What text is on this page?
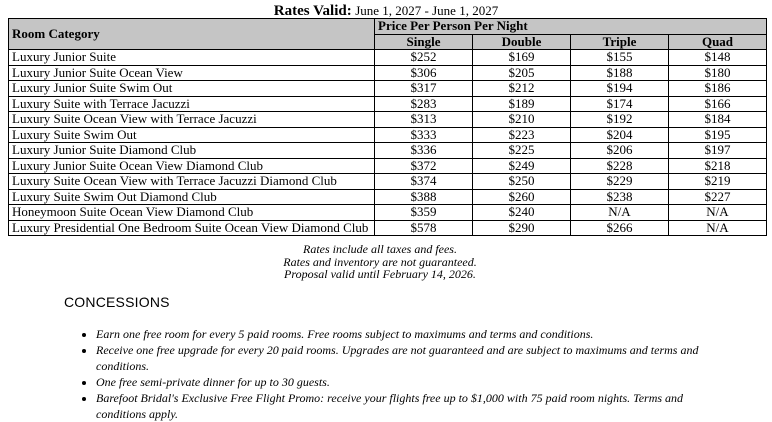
Rates Valid: June 1, 2027 - June 1, 2027
Room Category	Price Per Person Per Night			
	Single	Double	Triple	Quad
Luxury Junior Suite	$252	$169	$155	$148
Luxury Junior Suite Ocean View	$306	$205	$188	$180
Luxury Junior Suite Swim Out	$317	$212	$194	$186
Luxury Suite with Terrace Jacuzzi	$283	$189	$174	$166
Luxury Suite Ocean View with Terrace Jacuzzi	$313	$210	$192	$184
Luxury Suite Swim Out	$333	$223	$204	$195
Luxury Junior Suite Diamond Club	$336	$225	$206	$197
Luxury Junior Suite Ocean View Diamond Club	$372	$249	$228	$218
Luxury Suite Ocean View with Terrace Jacuzzi Diamond Club	$374	$250	$229	$219
Luxury Suite Swim Out Diamond Club	$388	$260	$238	$227
Honeymoon Suite Ocean View Diamond Club	$359	$240	N/A	N/A
Luxury Presidential One Bedroom Suite Ocean View Diamond Club	$578	$290	$266	N/A
Rates include all taxes and fees.
Rates and inventory are not guaranteed.
Proposal valid until February 14, 2026.
CONCESSIONS
• Earn one free room for every 5 paid rooms. Free rooms subject to maximums and terms and conditions.
• Receive one free upgrade for every 20 paid rooms. Upgrades are not guaranteed and are subject to maximums and terms and conditions.
• One free semi-private dinner for up to 30 guests.
• Barefoot Bridal's Exclusive Free Flight Promo: receive your flights free up to $1,000 with 75 paid room nights. Terms and conditions apply.
